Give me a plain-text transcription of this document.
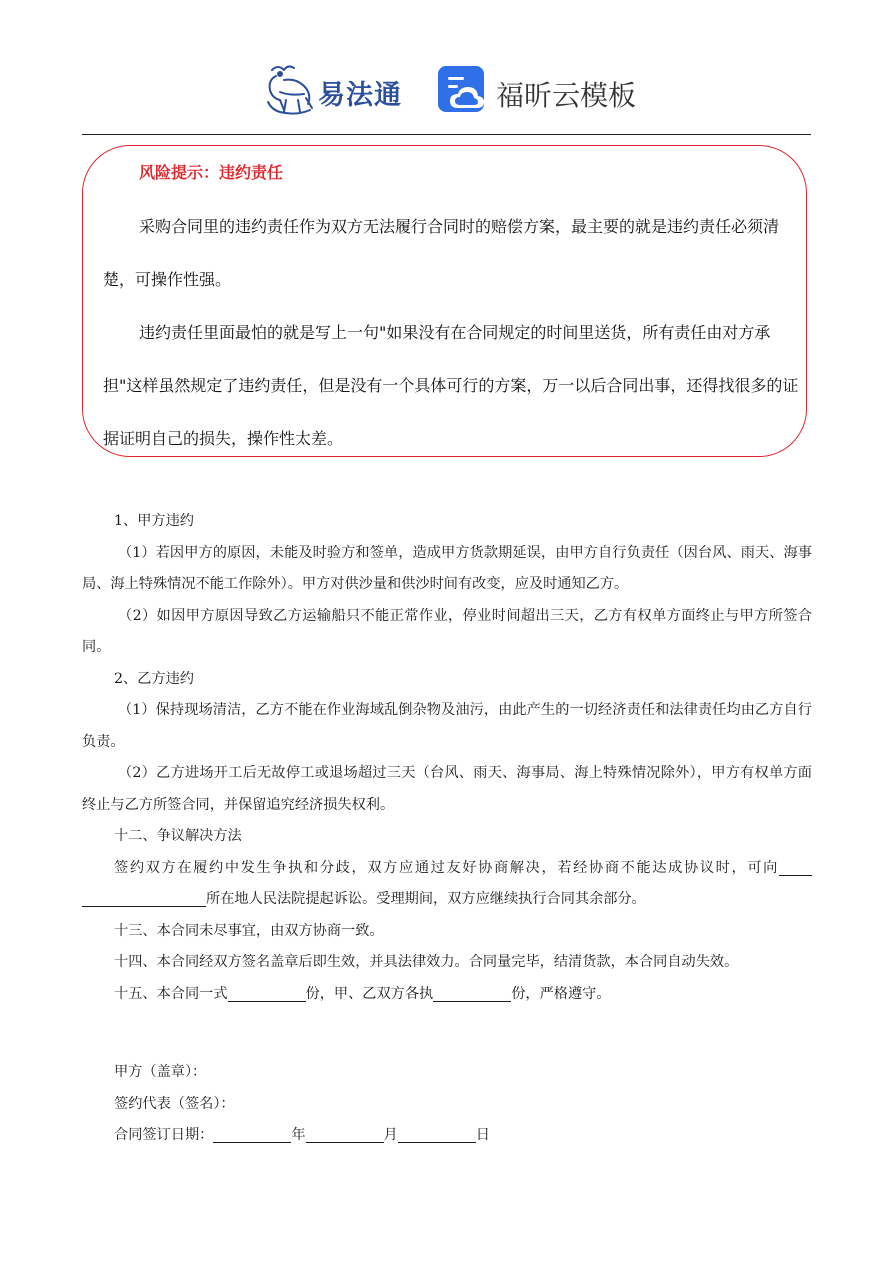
易法通	福昕云模板
风险提示：违约责任

采购合同里的违约责任作为双方无法履行合同时的赔偿方案，最主要的就是违约责任必须清楚，可操作性强。

违约责任里面最怕的就是写上一句"如果没有在合同规定的时间里送货，所有责任由对方承担"这样虽然规定了违约责任，但是没有一个具体可行的方案，万一以后合同出事，还得找很多的证据证明自己的损失，操作性太差。

1、甲方违约

（1）若因甲方的原因，未能及时验方和签单，造成甲方货款期延误，由甲方自行负责任（因台风、雨天、海事局、海上特殊情况不能工作除外）。甲方对供沙量和供沙时间有改变，应及时通知乙方。

（2）如因甲方原因导致乙方运输船只不能正常作业，停业时间超出三天，乙方有权单方面终止与甲方所签合同。

2、乙方违约

（1）保持现场清洁，乙方不能在作业海域乱倒杂物及油污，由此产生的一切经济责任和法律责任均由乙方自行负责。

（2）乙方进场开工后无故停工或退场超过三天（台风、雨天、海事局、海上特殊情况除外），甲方有权单方面终止与乙方所签合同，并保留追究经济损失权利。

十二、争议解决方法

签约双方在履约中发生争执和分歧，双方应通过友好协商解决，若经协商不能达成协议时，可向所在地人民法院提起诉讼。受理期间，双方应继续执行合同其余部分。

十三、本合同未尽事宜，由双方协商一致。

十四、本合同经双方签名盖章后即生效，并具法律效力。合同量完毕，结清货款，本合同自动失效。

十五、本合同一式	份，甲、乙双方各执	份，严格遵守。

甲方（盖章）：

签约代表（签名）：

合同签订日期：	年	月	日
